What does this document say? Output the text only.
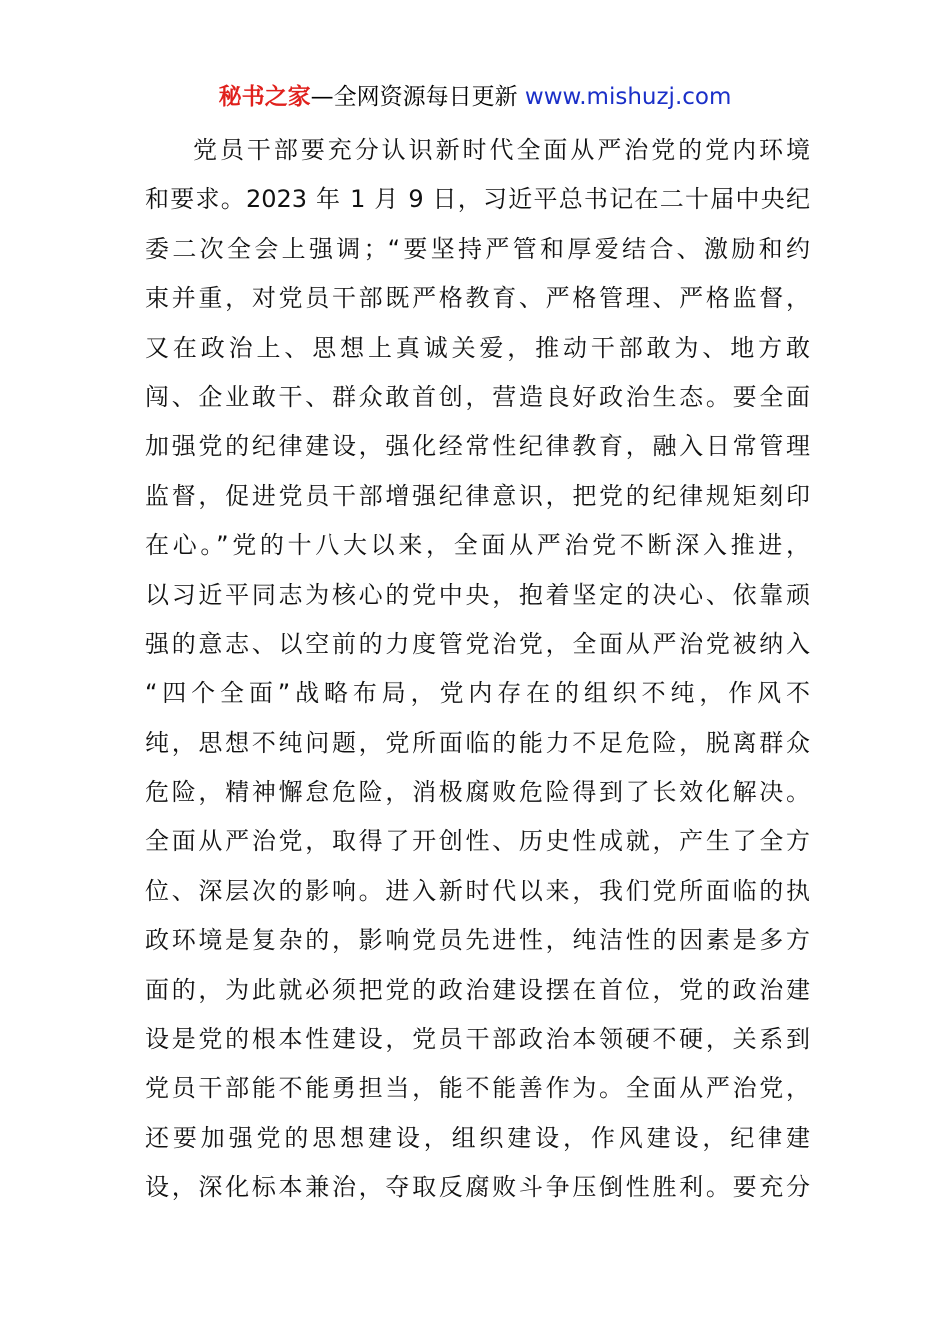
秘书之家—全网资源每日更新 www.mishuzj.com
党员干部要充分认识新时代全面从严治党的党内环境
和要求。2023 年 1 月 9 日，习近平总书记在二十届中央纪
委二次全会上强调；“要坚持严管和厚爱结合、激励和约
束并重，对党员干部既严格教育、严格管理、严格监督，
又在政治上、思想上真诚关爱，推动干部敢为、地方敢
闯、企业敢干、群众敢首创，营造良好政治生态。要全面
加强党的纪律建设，强化经常性纪律教育，融入日常管理
监督，促进党员干部增强纪律意识，把党的纪律规矩刻印
在心。”党的十八大以来，全面从严治党不断深入推进，
以习近平同志为核心的党中央，抱着坚定的决心、依靠顽
强的意志、以空前的力度管党治党，全面从严治党被纳入
“四个全面”战略布局，党内存在的组织不纯，作风不
纯，思想不纯问题，党所面临的能力不足危险，脱离群众
危险，精神懈怠危险，消极腐败危险得到了长效化解决。
全面从严治党，取得了开创性、历史性成就，产生了全方
位、深层次的影响。进入新时代以来，我们党所面临的执
政环境是复杂的，影响党员先进性，纯洁性的因素是多方
面的，为此就必须把党的政治建设摆在首位，党的政治建
设是党的根本性建设，党员干部政治本领硬不硬，关系到
党员干部能不能勇担当，能不能善作为。全面从严治党，
还要加强党的思想建设，组织建设，作风建设，纪律建
设，深化标本兼治，夺取反腐败斗争压倒性胜利。要充分
